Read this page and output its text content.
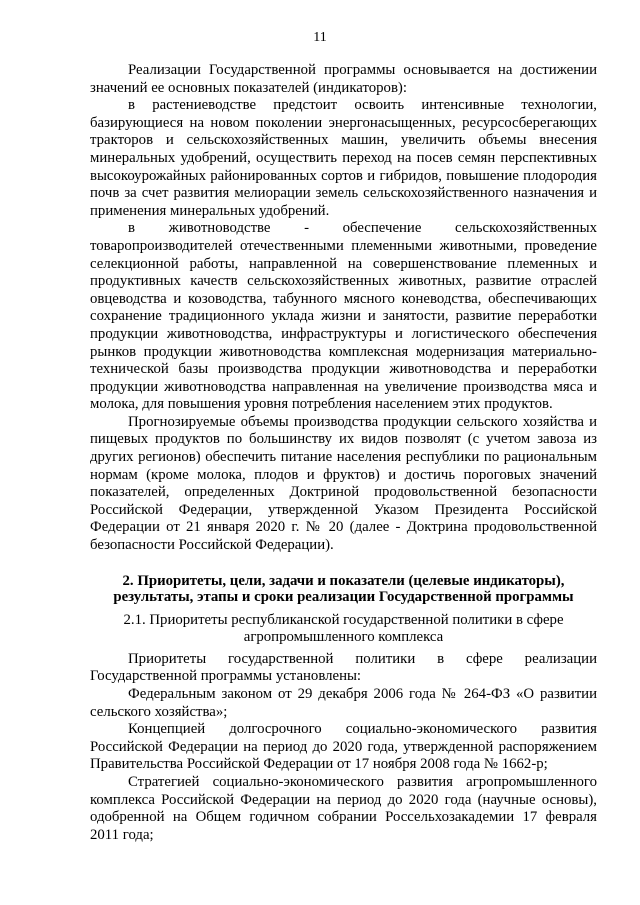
11

Реализации Государственной программы основывается на достижении значений ее основных показателей (индикаторов):

в растениеводстве предстоит освоить интенсивные технологии, базирующиеся на новом поколении энергонасыщенных, ресурсосберегающих тракторов и сельскохозяйственных машин, увеличить объемы внесения минеральных удобрений, осуществить переход на посев семян перспективных высокоурожайных районированных сортов и гибридов, повышение плодородия почв за счет развития мелиорации земель сельскохозяйственного назначения и применения минеральных удобрений.

в животноводстве - обеспечение сельскохозяйственных товаропроизводителей отечественными племенными животными, проведение селекционной работы, направленной на совершенствование племенных и продуктивных качеств сельскохозяйственных животных, развитие отраслей овцеводства и козоводства, табунного мясного коневодства, обеспечивающих сохранение традиционного уклада жизни и занятости, развитие переработки продукции животноводства, инфраструктуры и логистического обеспечения рынков продукции животноводства комплексная модернизация материально-технической базы производства продукции животноводства и переработки продукции животноводства направленная на увеличение производства мяса и молока, для повышения уровня потребления населением этих продуктов.

Прогнозируемые объемы производства продукции сельского хозяйства и пищевых продуктов по большинству их видов позволят (с учетом завоза из других регионов) обеспечить питание населения республики по рациональным нормам (кроме молока, плодов и фруктов) и достичь пороговых значений показателей, определенных Доктриной продовольственной безопасности Российской Федерации, утвержденной Указом Президента Российской Федерации от 21 января 2020 г. № 20 (далее - Доктрина продовольственной безопасности Российской Федерации).

2. Приоритеты, цели, задачи и показатели (целевые индикаторы), результаты, этапы и сроки реализации Государственной программы
2.1. Приоритеты республиканской государственной политики в сфере агропромышленного комплекса

Приоритеты государственной политики в сфере реализации Государственной программы установлены:

Федеральным законом от 29 декабря 2006 года № 264-ФЗ «О развитии сельского хозяйства»;

Концепцией долгосрочного социально-экономического развития Российской Федерации на период до 2020 года, утвержденной распоряжением Правительства Российской Федерации от 17 ноября 2008 года № 1662-р;

Стратегией социально-экономического развития агропромышленного комплекса Российской Федерации на период до 2020 года (научные основы), одобренной на Общем годичном собрании Россельхозакадемии 17 февраля 2011 года;
